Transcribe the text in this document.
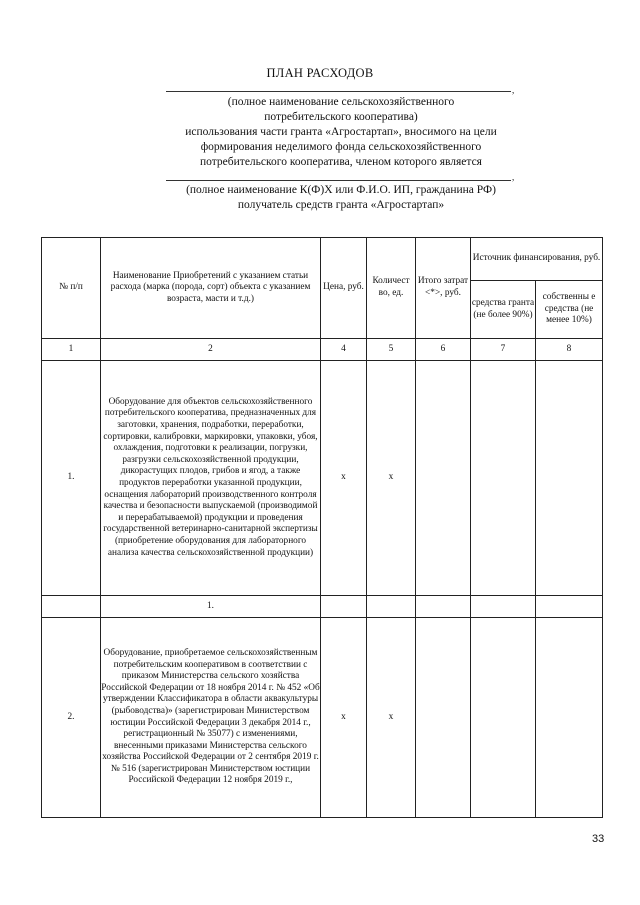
ПЛАН РАСХОДОВ
,
(полное наименование сельскохозяйственного
потребительского кооператива)
использования части гранта «Агростартап», вносимого на цели
формирования неделимого фонда сельскохозяйственного
потребительского кооператива, членом которого является
,
(полное наименование К(Ф)Х или Ф.И.О. ИП, гражданина РФ)
получатель средств гранта «Агростартап»
№ п/п	Наименование Приобретений с указанием статьи расхода (марка (порода, сорт) объекта с указанием возраста, масти и т.д.)	Цена, руб.	Количест во, ед.	Итого затрат <*>, руб.	Источник финансирования, руб.	
					средства гранта (не более 90%)	собственны е средства (не менее 10%)
1	2	4	5	6	7	8
1.	Оборудование для объектов сельскохозяйственного потребительского кооператива, предназначенных для заготовки, хранения, подработки, переработки, сортировки, калибровки, маркировки, упаковки, убоя, охлаждения, подготовки к реализации, погрузки, разгрузки сельскохозяйственной продукции, дикорастущих плодов, грибов и ягод, а также продуктов переработки указанной продукции, оснащения лабораторий производственного контроля качества и безопасности выпускаемой (производимой и перерабатываемой) продукции и проведения государственной ветеринарно-санитарной экспертизы (приобретение оборудования для лабораторного анализа качества сельскохозяйственной продукции)	х	х			
	1.					
2.	Оборудование, приобретаемое сельскохозяйственным потребительским кооперативом в соответствии с приказом Министерства сельского хозяйства Российской Федерации от 18 ноября 2014 г. № 452 «Об утверждении Классификатора в области аквакультуры (рыбоводства)» (зарегистрирован Министерством юстиции Российской Федерации 3 декабря 2014 г., регистрационный № 35077) с изменениями, внесенными приказами Министерства сельского хозяйства Российской Федерации от 2 сентября 2019 г. № 516 (зарегистрирован Министерством юстиции Российской Федерации 12 ноября 2019 г.,	х	х			
33
